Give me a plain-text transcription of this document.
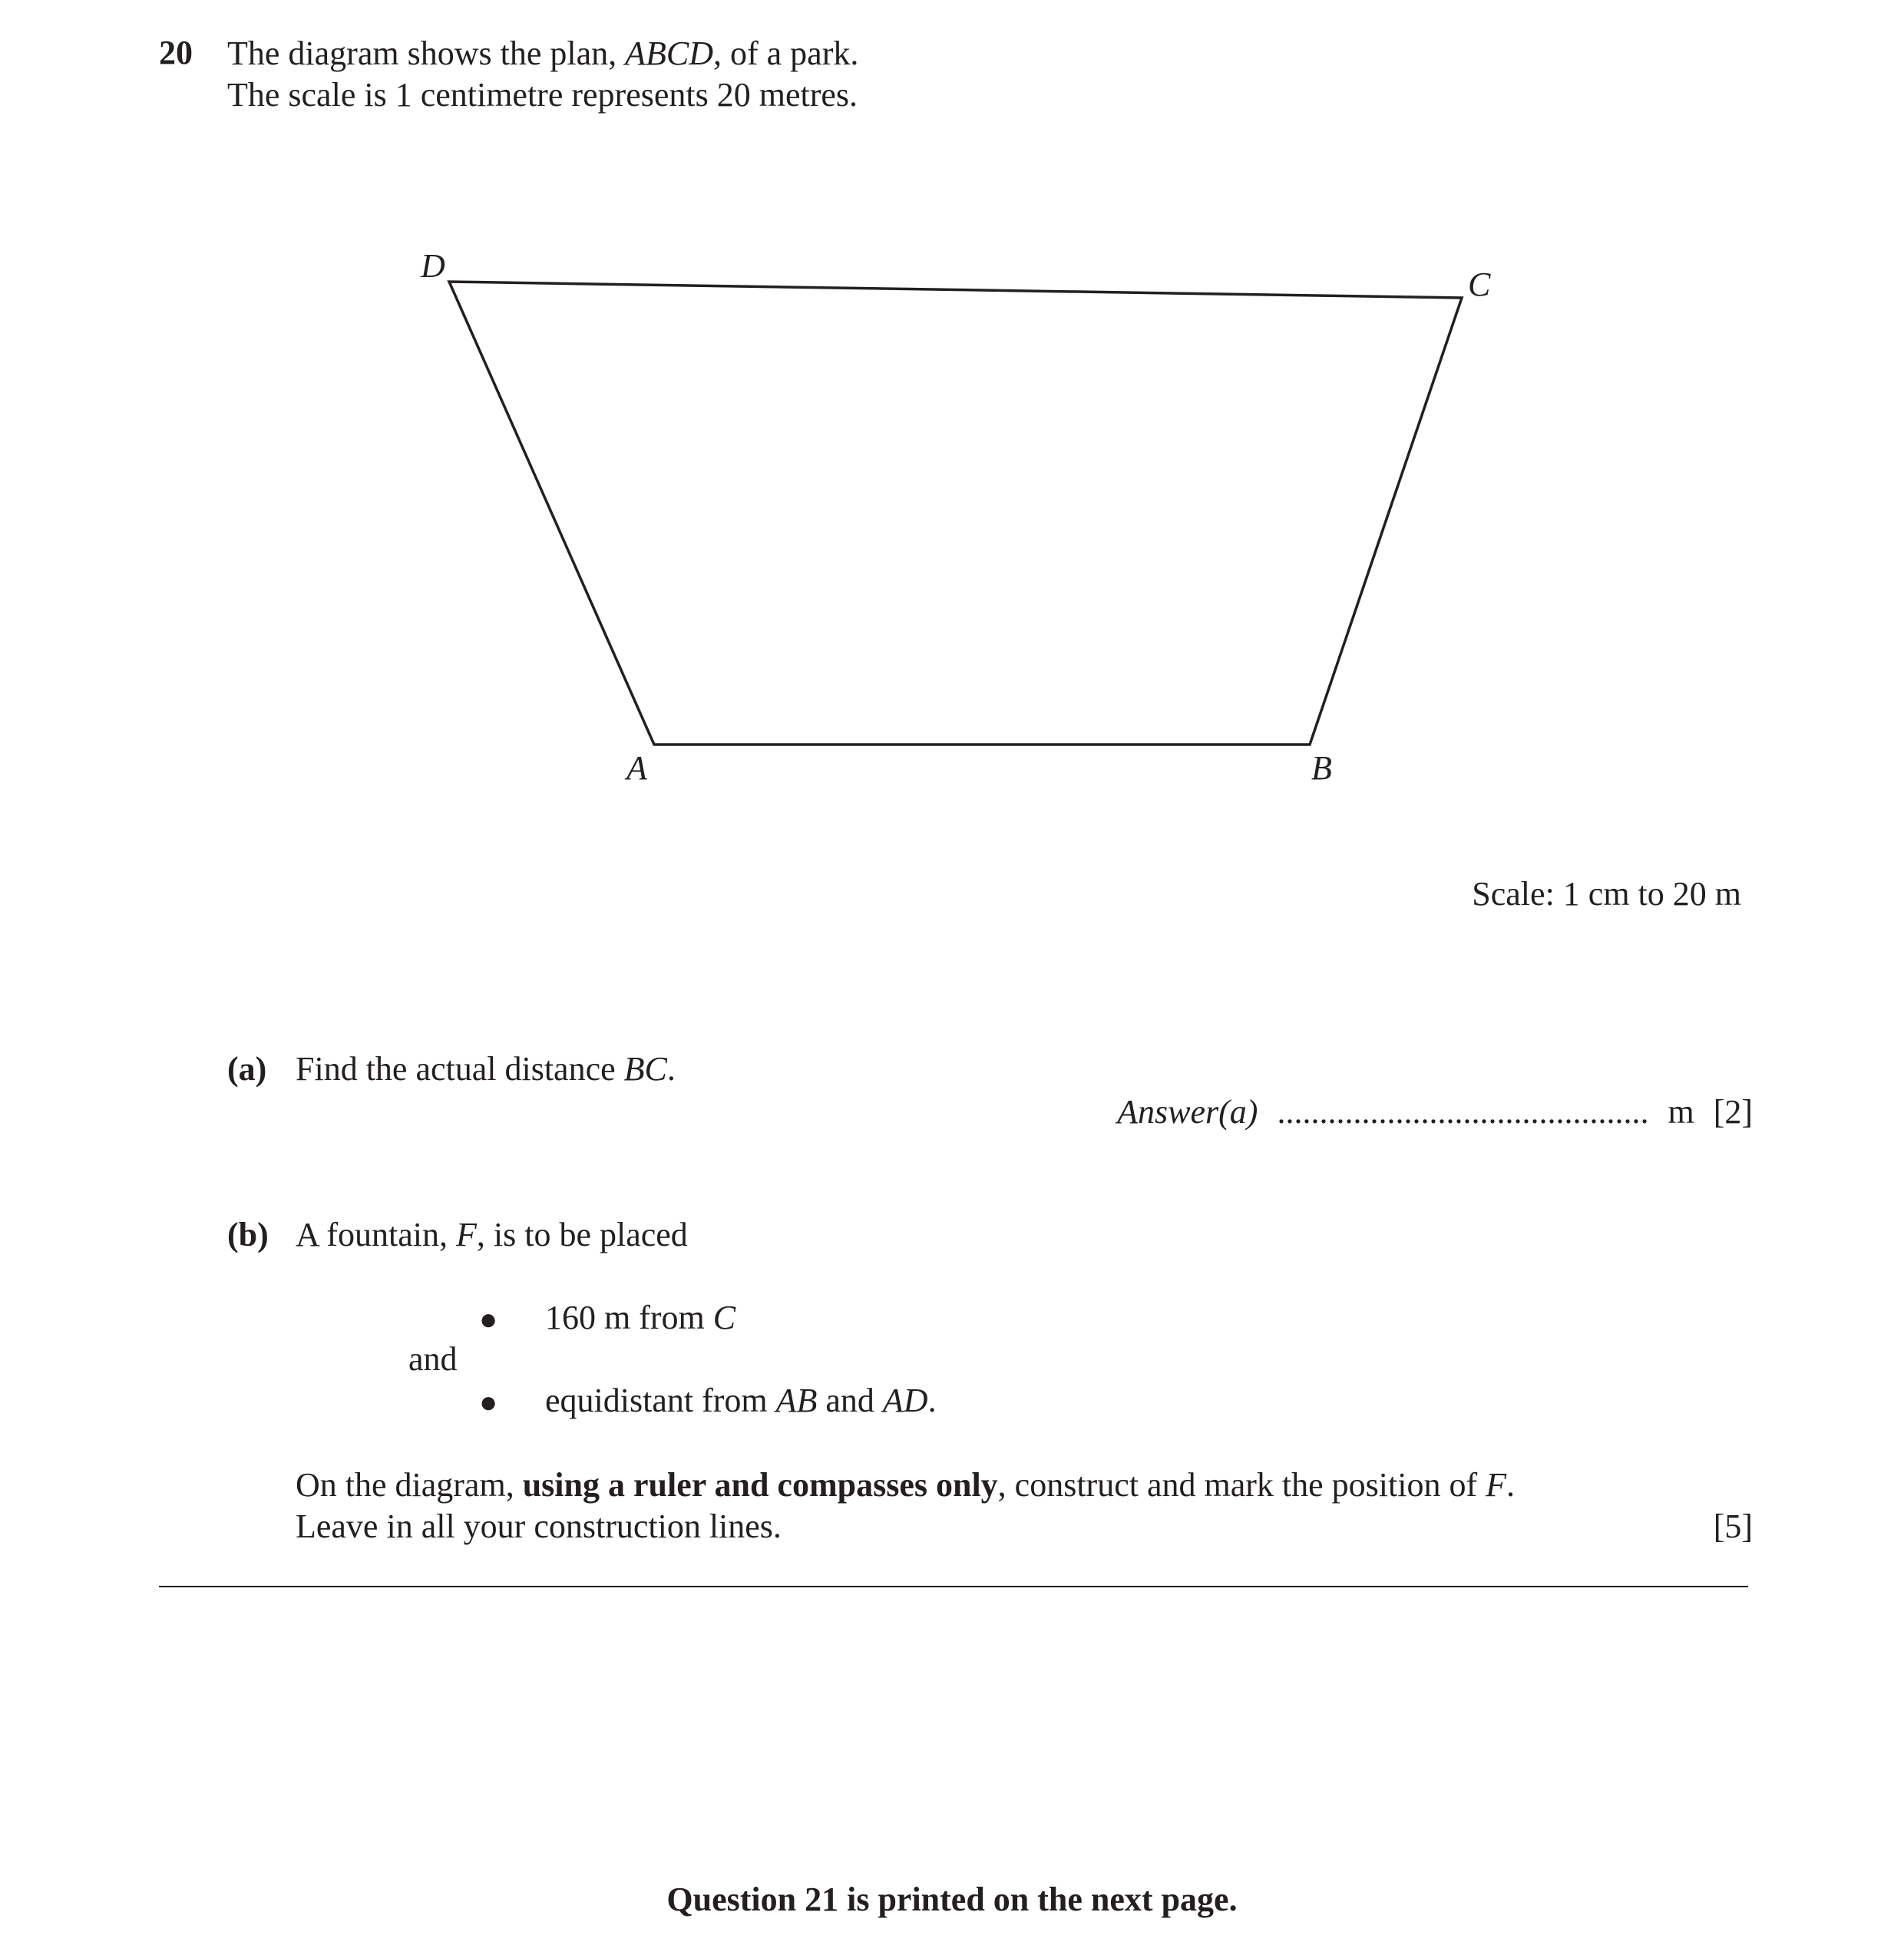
20 The diagram shows the plan, ABCD, of a park.
The scale is 1 centimetre represents 20 metres.
D	C
A	B
Scale: 1 cm to 20 m
(a) Find the actual distance BC.
Answer(a) ............................................ m [2]
(b) A fountain, F, is to be placed
● 160 m from C
and
● equidistant from AB and AD.
On the diagram, using a ruler and compasses only, construct and mark the position of F.
Leave in all your construction lines.	[5]
Question 21 is printed on the next page.
